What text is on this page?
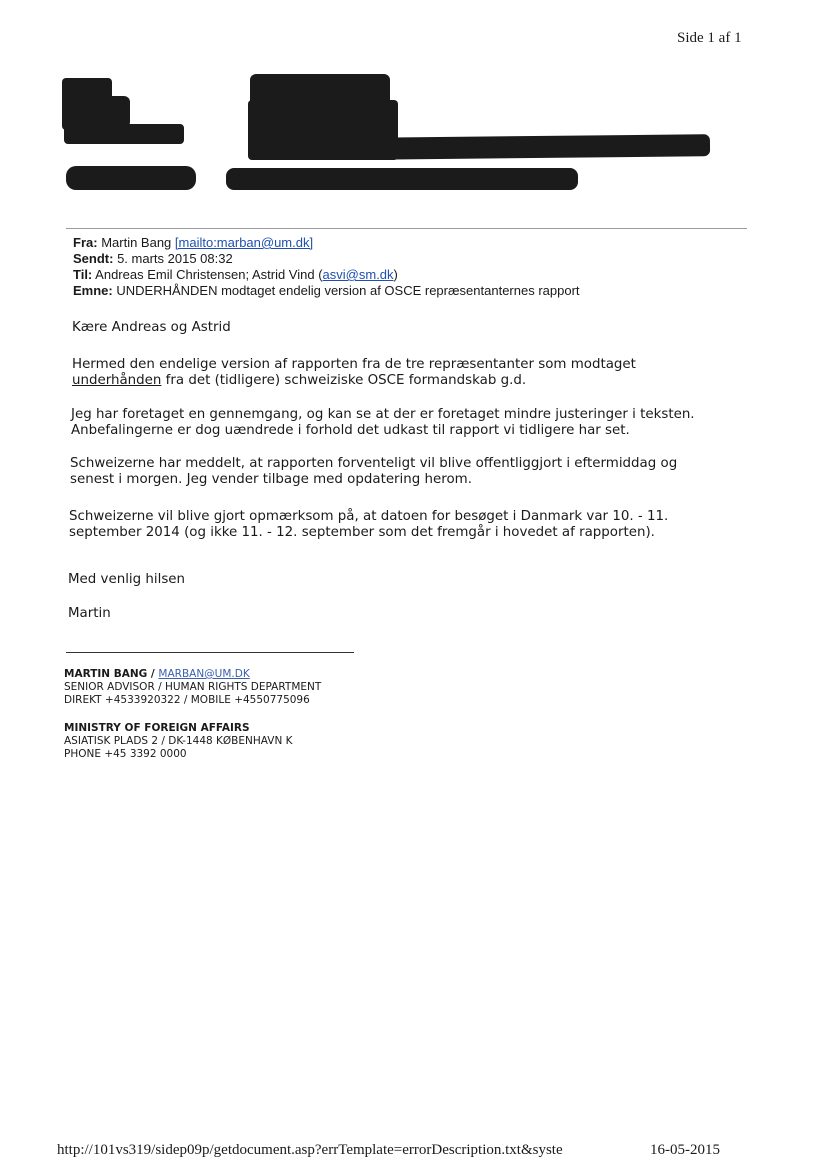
Side 1 af 1
Fra: Martin Bang [mailto:marban@um.dk]
Sendt: 5. marts 2015 08:32
Til: Andreas Emil Christensen; Astrid Vind (asvi@sm.dk)
Emne: UNDERHÅNDEN modtaget endelig version af OSCE repræsentanternes rapport
Kære Andreas og Astrid
Hermed den endelige version af rapporten fra de tre repræsentanter som modtaget
underhånden fra det (tidligere) schweiziske OSCE formandskab g.d.
Jeg har foretaget en gennemgang, og kan se at der er foretaget mindre justeringer i teksten.
Anbefalingerne er dog uændrede i forhold det udkast til rapport vi tidligere har set.
Schweizerne har meddelt, at rapporten forventeligt vil blive offentliggjort i eftermiddag og
senest i morgen. Jeg vender tilbage med opdatering herom.
Schweizerne vil blive gjort opmærksom på, at datoen for besøget i Danmark var 10. - 11.
september 2014 (og ikke 11. - 12. september som det fremgår i hovedet af rapporten).
Med venlig hilsen
Martin
MARTIN BANG / MARBAN@UM.DK
SENIOR ADVISOR / HUMAN RIGHTS DEPARTMENT
DIREKT +4533920322 / MOBILE +4550775096
MINISTRY OF FOREIGN AFFAIRS
ASIATISK PLADS 2 / DK-1448 KØBENHAVN K
PHONE +45 3392 0000
http://101vs319/sidep09p/getdocument.asp?errTemplate=errorDescription.txt&syste	16-05-2015
